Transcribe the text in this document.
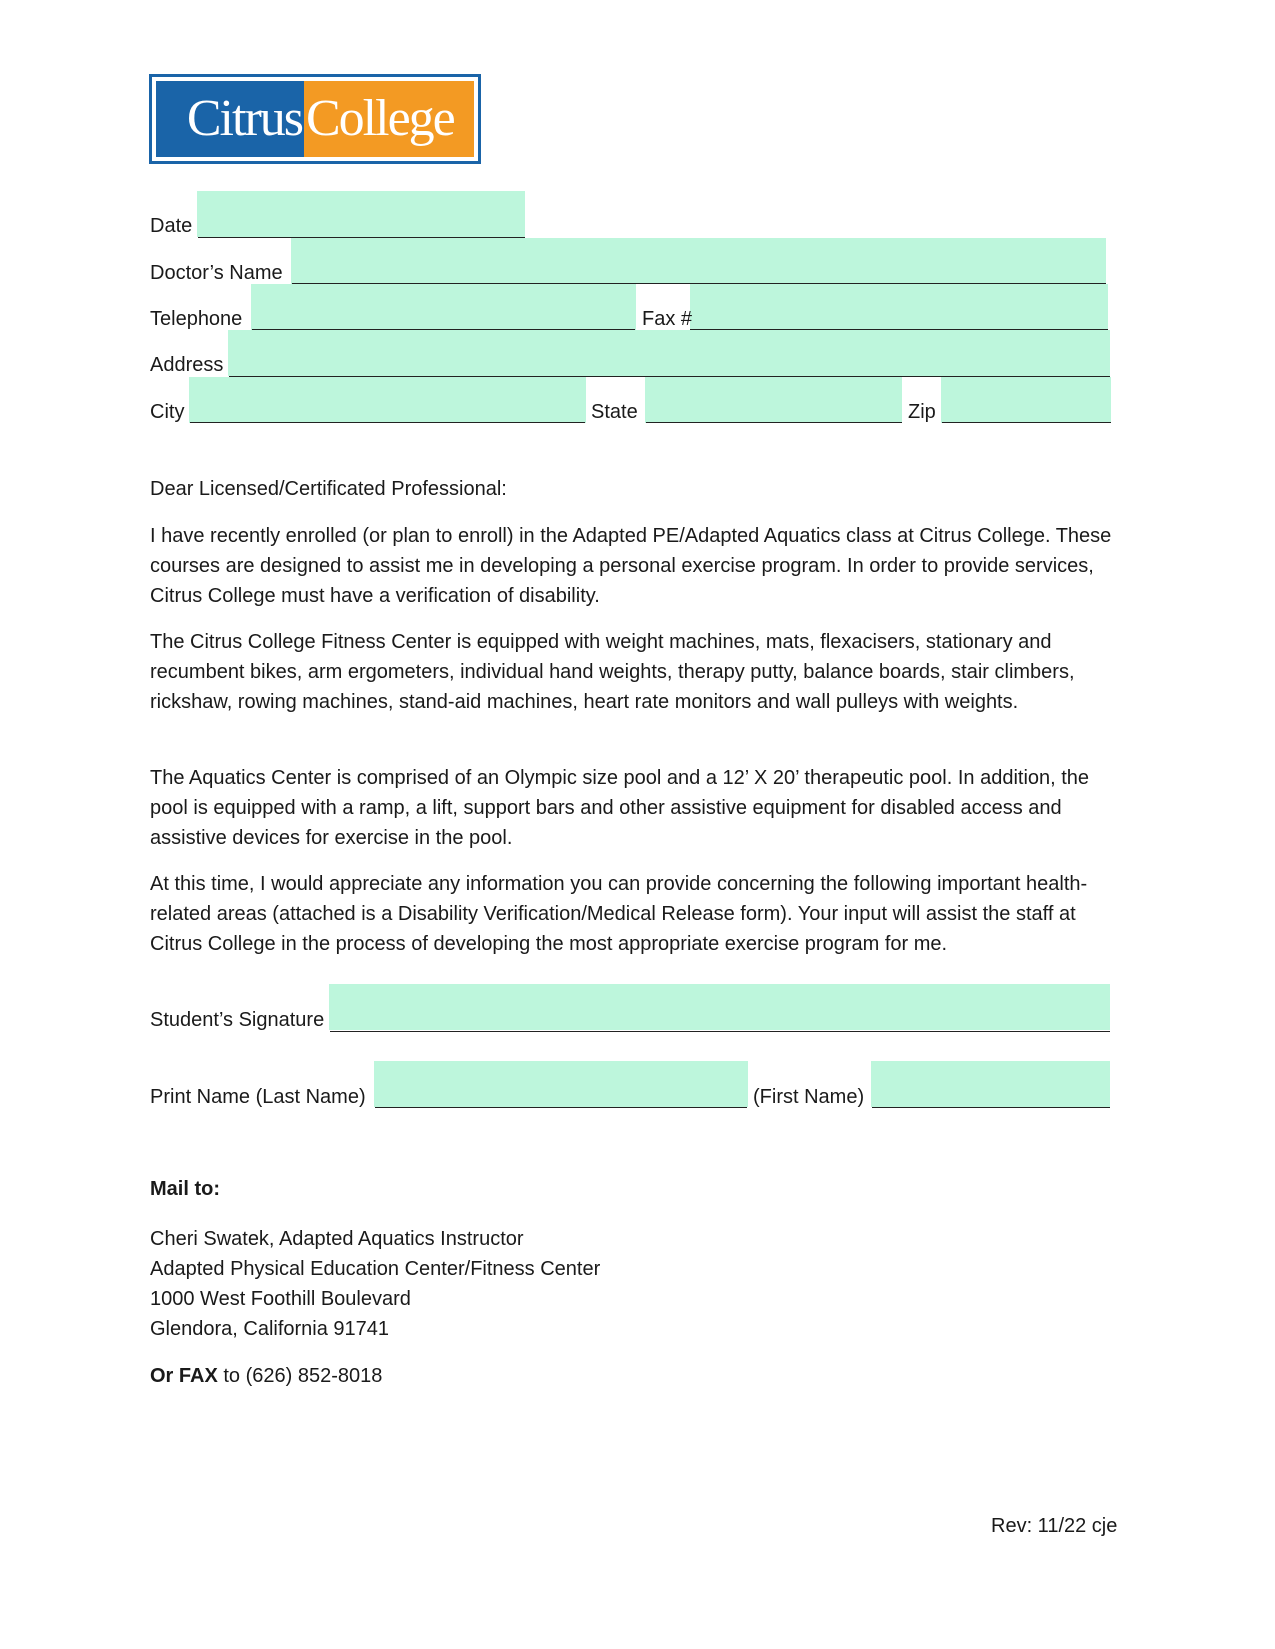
Citrus College
Date
Doctor’s Name
Telephone	Fax #
Address
City	State	Zip

Dear Licensed/Certificated Professional:

I have recently enrolled (or plan to enroll) in the Adapted PE/Adapted Aquatics class at Citrus College. These courses are designed to assist me in developing a personal exercise program. In order to provide services, Citrus College must have a verification of disability.

The Citrus College Fitness Center is equipped with weight machines, mats, flexacisers, stationary and recumbent bikes, arm ergometers, individual hand weights, therapy putty, balance boards, stair climbers, rickshaw, rowing machines, stand-aid machines, heart rate monitors and wall pulleys with weights.

The Aquatics Center is comprised of an Olympic size pool and a 12’ X 20’ therapeutic pool. In addition, the pool is equipped with a ramp, a lift, support bars and other assistive equipment for disabled access and assistive devices for exercise in the pool.

At this time, I would appreciate any information you can provide concerning the following important health-related areas (attached is a Disability Verification/Medical Release form). Your input will assist the staff at Citrus College in the process of developing the most appropriate exercise program for me.

Student’s Signature
Print Name (Last Name)	(First Name)

Mail to:

Cheri Swatek, Adapted Aquatics Instructor

Adapted Physical Education Center/Fitness Center

1000 West Foothill Boulevard

Glendora, California 91741

Or FAX to (626) 852-8018

Rev: 11/22 cje
